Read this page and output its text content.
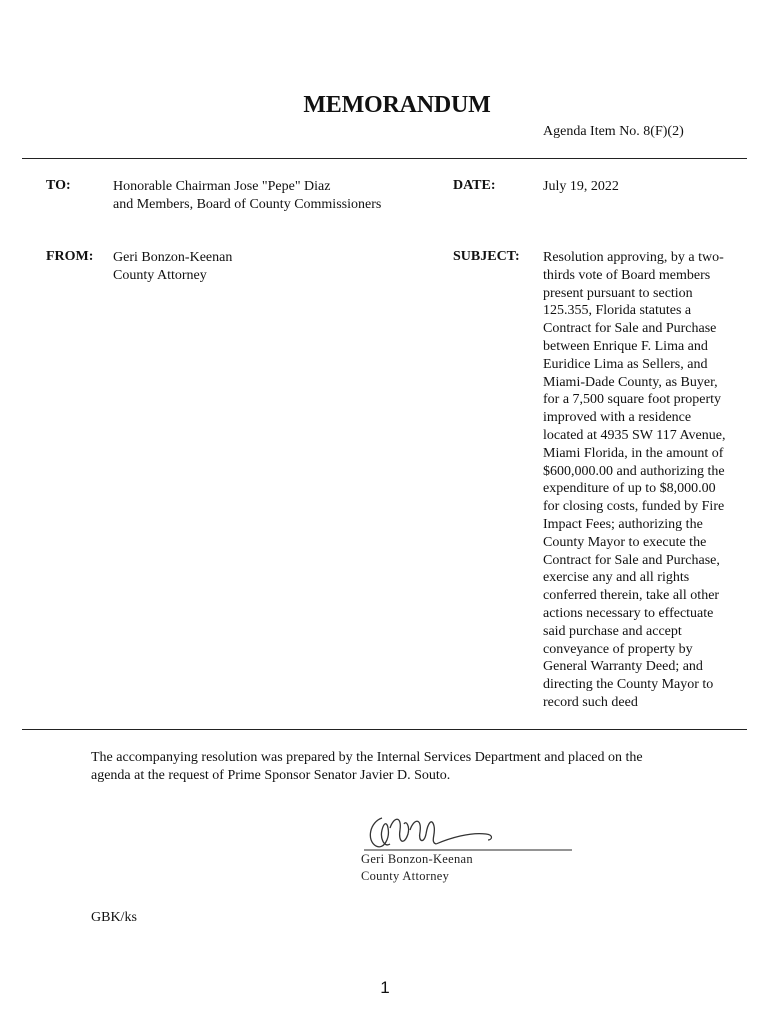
MEMORANDUM
Agenda Item No. 8(F)(2)
TO:	Honorable Chairman Jose "Pepe" Diaz
and Members, Board of County Commissioners
DATE:	July 19, 2022
FROM: Geri Bonzon-Keenan
County Attorney
SUBJECT: Resolution approving, by a two-
thirds vote of Board members
present pursuant to section
125.355, Florida statutes a
Contract for Sale and Purchase
between Enrique F. Lima and
Euridice Lima as Sellers, and
Miami-Dade County, as Buyer,
for a 7,500 square foot property
improved with a residence
located at 4935 SW 117 Avenue,
Miami Florida, in the amount of
$600,000.00 and authorizing the
expenditure of up to $8,000.00
for closing costs, funded by Fire
Impact Fees; authorizing the
County Mayor to execute the
Contract for Sale and Purchase,
exercise any and all rights
conferred therein, take all other
actions necessary to effectuate
said purchase and accept
conveyance of property by
General Warranty Deed; and
directing the County Mayor to
record such deed
The accompanying resolution was prepared by the Internal Services Department and placed on the
agenda at the request of Prime Sponsor Senator Javier D. Souto.
Geri Bonzon-Keenan
County Attorney
GBK/ks
1
